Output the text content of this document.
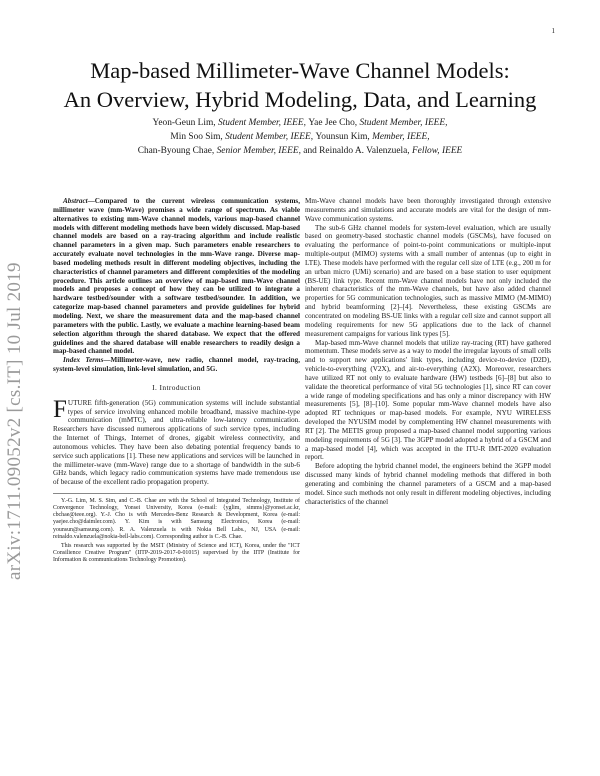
1
arXiv:1711.09052v2 [cs.IT] 10 Jul 2019
Map-based Millimeter-Wave Channel Models:
An Overview, Hybrid Modeling, Data, and Learning
Yeon-Geun Lim, Student Member, IEEE, Yae Jee Cho, Student Member, IEEE,
Min Soo Sim, Student Member, IEEE, Younsun Kim, Member, IEEE,
Chan-Byoung Chae, Senior Member, IEEE, and Reinaldo A. Valenzuela, Fellow, IEEE

Abstract—Compared to the current wireless communication systems, millimeter wave (mm-Wave) promises a wide range of spectrum. As viable alternatives to existing mm-Wave channel models, various map-based channel models with different modeling methods have been widely discussed. Map-based channel models are based on a ray-tracing algorithm and include realistic channel parameters in a given map. Such parameters enable researchers to accurately evaluate novel technologies in the mm-Wave range. Diverse map-based modeling methods result in different modeling objectives, including the characteristics of channel parameters and different complexities of the modeling procedure. This article outlines an overview of map-based mm-Wave channel models and proposes a concept of how they can be utilized to integrate a hardware testbed/sounder with a software testbed/sounder. In addition, we categorize map-based channel parameters and provide guidelines for hybrid modeling. Next, we share the measurement data and the map-based channel parameters with the public. Lastly, we evaluate a machine learning-based beam selection algorithm through the shared database. We expect that the offered guidelines and the shared database will enable researchers to readily design a map-based channel model.

Index Terms—Millimeter-wave, new radio, channel model, ray-tracing, system-level simulation, link-level simulation, and 5G.

I. Introduction

FUTURE fifth-generation (5G) communication systems will include substantial types of service involving enhanced mobile broadband, massive machine-type communication (mMTC), and ultra-reliable low-latency communication. Researchers have discussed numerous applications of such service types, including the Internet of Things, Internet of drones, gigabit wireless connectivity, and autonomous vehicles. They have been also debating potential frequency bands to service such applications [1]. These new applications and services will be launched in the millimeter-wave (mm-Wave) range due to a shortage of bandwidth in the sub-6 GHz bands, which legacy radio communication systems have made tremendous use of because of the excellent radio propagation property.

Y.-G. Lim, M. S. Sim, and C.-B. Chae are with the School of Integrated Technology, Institute of Convergence Technology, Yonsei University, Korea (e-mail: {yglim, simms}@yonsei.ac.kr, cbchae@ieee.org). Y.-J. Cho is with Mercedes-Benz Research & Development, Korea (e-mail: yaejee.cho@daimler.com). Y. Kim is with Samsung Electronics, Korea (e-mail: younsun@samsung.com). R. A. Valenzuela is with Nokia Bell Labs., NJ, USA (e-mail: reinaldo.valenzuela@nokia-bell-labs.com). Corresponding author is C.-B. Chae.

This research was supported by the MSIT (Ministry of Science and ICT), Korea, under the "ICT Consilience Creative Program" (IITP-2019-2017-0-01015) supervised by the IITP (Institute for Information & communications Technology Promotion).

Mm-Wave channel models have been thoroughly investigated through extensive measurements and simulations and accurate models are vital for the design of mm-Wave communication systems.

The sub-6 GHz channel models for system-level evaluation, which are usually based on geometry-based stochastic channel models (GSCMs), have focused on evaluating the performance of point-to-point communications or multiple-input multiple-output (MIMO) systems with a small number of antennas (up to eight in LTE). These models have performed with the regular cell size of LTE (e.g., 200 m for an urban micro (UMi) scenario) and are based on a base station to user equipment (BS-UE) link type. Recent mm-Wave channel models have not only included the inherent characteristics of the mm-Wave channels, but have also added channel properties for 5G communication technologies, such as massive MIMO (M-MIMO) and hybrid beamforming [2]–[4]. Nevertheless, these existing GSCMs are concentrated on modeling BS-UE links with a regular cell size and cannot support all modeling requirements for new 5G applications due to the lack of channel measurement campaigns for various link types [5].

Map-based mm-Wave channel models that utilize ray-tracing (RT) have gathered momentum. These models serve as a way to model the irregular layouts of small cells and to support new applications' link types, including device-to-device (D2D), vehicle-to-everything (V2X), and air-to-everything (A2X). Moreover, researchers have utilized RT not only to evaluate hardware (HW) testbeds [6]–[8] but also to validate the theoretical performance of vital 5G technologies [1], since RT can cover a wide range of modeling specifications and has only a minor discrepancy with HW measurements [5], [8]–[10]. Some popular mm-Wave channel models have also adopted RT techniques or map-based models. For example, NYU WIRELESS developed the NYUSIM model by complementing HW channel measurements with RT [2]. The METIS group proposed a map-based channel model supporting various modeling requirements of 5G [3]. The 3GPP model adopted a hybrid of a GSCM and a map-based model [4], which was accepted in the ITU-R IMT-2020 evaluation report.

Before adopting the hybrid channel model, the engineers behind the 3GPP model discussed many kinds of hybrid channel modeling methods that differed in both generating and combining the channel parameters of a GSCM and a map-based model. Since such methods not only result in different modeling objectives, including characteristics of the channel
